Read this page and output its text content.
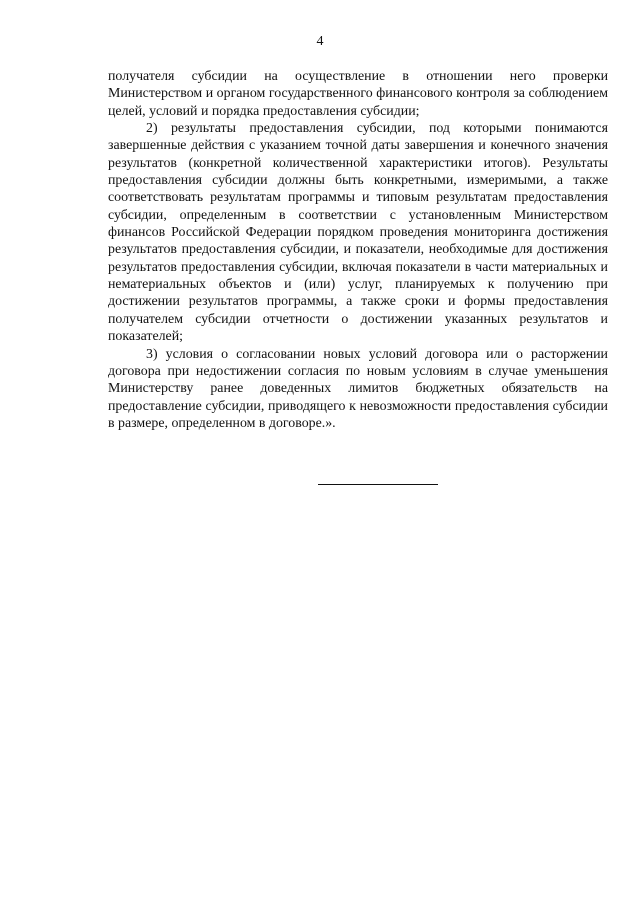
4

получателя субсидии на осуществление в отношении него проверки Министерством и органом государственного финансового контроля за соблюдением целей, условий и порядка предоставления субсидии;

2) результаты предоставления субсидии, под которыми понимаются завершенные действия с указанием точной даты завершения и конечного значения результатов (конкретной количественной характеристики итогов). Результаты предоставления субсидии должны быть конкретными, измеримыми, а также соответствовать результатам программы и типовым результатам предоставления субсидии, определенным в соответствии с установленным Министерством финансов Российской Федерации порядком проведения мониторинга достижения результатов предоставления субсидии, и показатели, необходимые для достижения результатов предоставления субсидии, включая показатели в части материальных и нематериальных объектов и (или) услуг, планируемых к получению при достижении результатов программы, а также сроки и формы предоставления получателем субсидии отчетности о достижении указанных результатов и показателей;

3) условия о согласовании новых условий договора или о расторжении договора при недостижении согласия по новым условиям в случае уменьшения Министерству ранее доведенных лимитов бюджетных обязательств на предоставление субсидии, приводящего к невозможности предоставления субсидии в размере, определенном в договоре.».
